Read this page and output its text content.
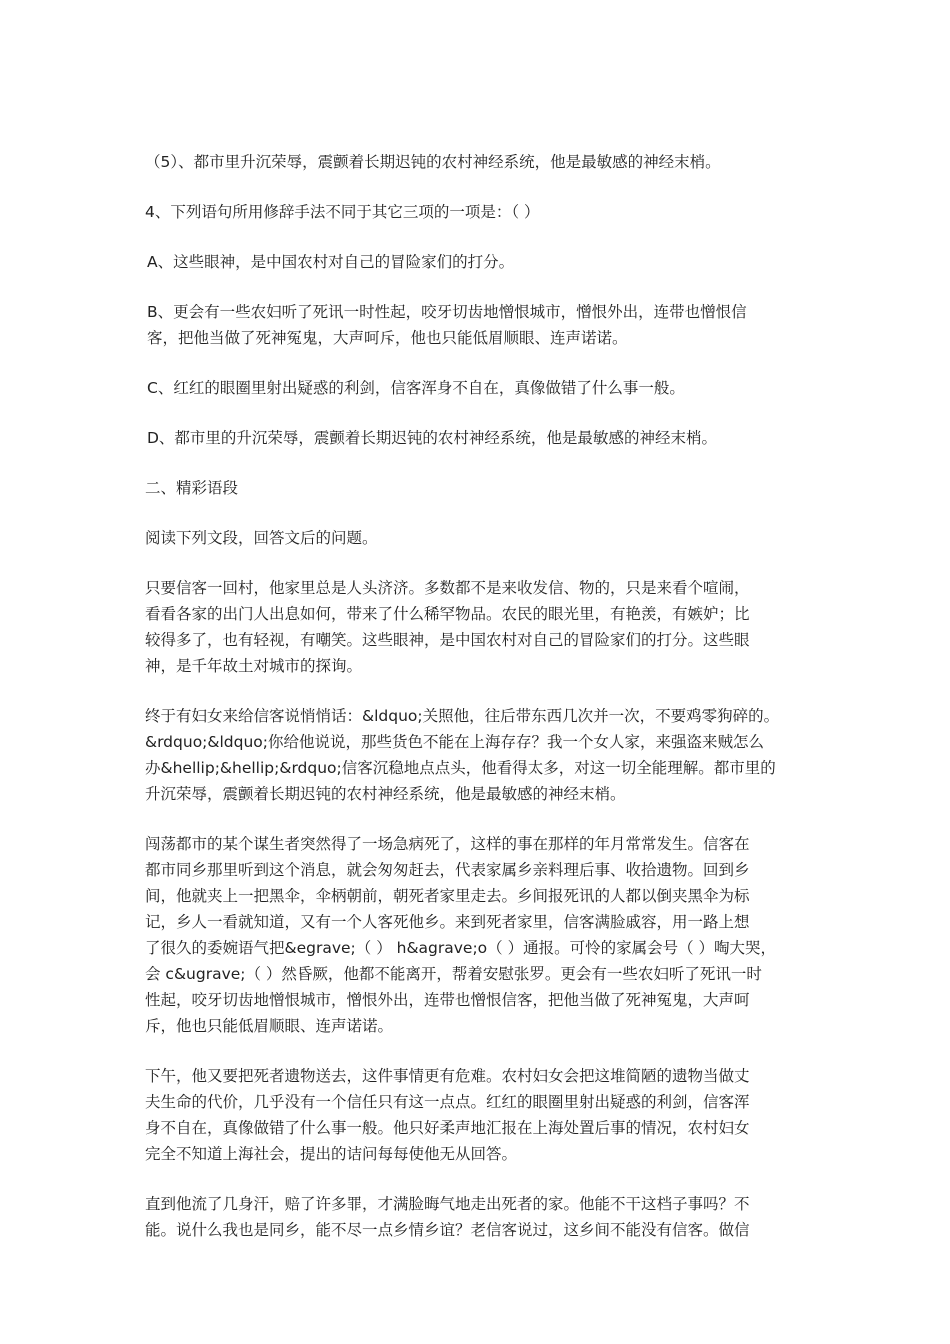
（5）、都市里升沉荣辱，震颤着长期迟钝的农村神经系统，他是最敏感的神经末梢。

4、下列语句所用修辞手法不同于其它三项的一项是：（ ）

A、这些眼神，是中国农村对自己的冒险家们的打分。

B、更会有一些农妇听了死讯一时性起，咬牙切齿地憎恨城市，憎恨外出，连带也憎恨信
客，把他当做了死神冤鬼，大声呵斥，他也只能低眉顺眼、连声诺诺。

C、红红的眼圈里射出疑惑的利剑，信客浑身不自在，真像做错了什么事一般。

D、都市里的升沉荣辱，震颤着长期迟钝的农村神经系统，他是最敏感的神经末梢。

二、精彩语段

阅读下列文段，回答文后的问题。

只要信客一回村，他家里总是人头济济。多数都不是来收发信、物的，只是来看个喧闹，
看看各家的出门人出息如何，带来了什么稀罕物品。农民的眼光里，有艳羡，有嫉妒；比
较得多了，也有轻视，有嘲笑。这些眼神，是中国农村对自己的冒险家们的打分。这些眼
神，是千年故土对城市的探询。

终于有妇女来给信客说悄悄话：&ldquo;关照他，往后带东西几次并一次，不要鸡零狗碎的。
&rdquo;&ldquo;你给他说说，那些货色不能在上海存存？我一个女人家，来强盗来贼怎么
办&hellip;&hellip;&rdquo;信客沉稳地点点头，他看得太多，对这一切全能理解。都市里的
升沉荣辱，震颤着长期迟钝的农村神经系统，他是最敏感的神经末梢。

闯荡都市的某个谋生者突然得了一场急病死了，这样的事在那样的年月常常发生。信客在
都市同乡那里听到这个消息，就会匆匆赶去，代表家属乡亲料理后事、收拾遗物。回到乡
间，他就夹上一把黑伞，伞柄朝前，朝死者家里走去。乡间报死讯的人都以倒夹黑伞为标
记，乡人一看就知道，又有一个人客死他乡。来到死者家里，信客满脸戚容，用一路上想
了很久的委婉语气把&egrave;（ ） h&agrave;o（ ）通报。可怜的家属会号（ ）啕大哭，
会 c&ugrave;（ ）然昏厥，他都不能离开，帮着安慰张罗。更会有一些农妇听了死讯一时
性起，咬牙切齿地憎恨城市，憎恨外出，连带也憎恨信客，把他当做了死神冤鬼，大声呵
斥，他也只能低眉顺眼、连声诺诺。

下午，他又要把死者遗物送去，这件事情更有危难。农村妇女会把这堆简陋的遗物当做丈
夫生命的代价，几乎没有一个信任只有这一点点。红红的眼圈里射出疑惑的利剑，信客浑
身不自在，真像做错了什么事一般。他只好柔声地汇报在上海处置后事的情况，农村妇女
完全不知道上海社会，提出的诘问每每使他无从回答。

直到他流了几身汗，赔了许多罪，才满脸晦气地走出死者的家。他能不干这档子事吗？不
能。说什么我也是同乡，能不尽一点乡情乡谊？老信客说过，这乡间不能没有信客。做信
